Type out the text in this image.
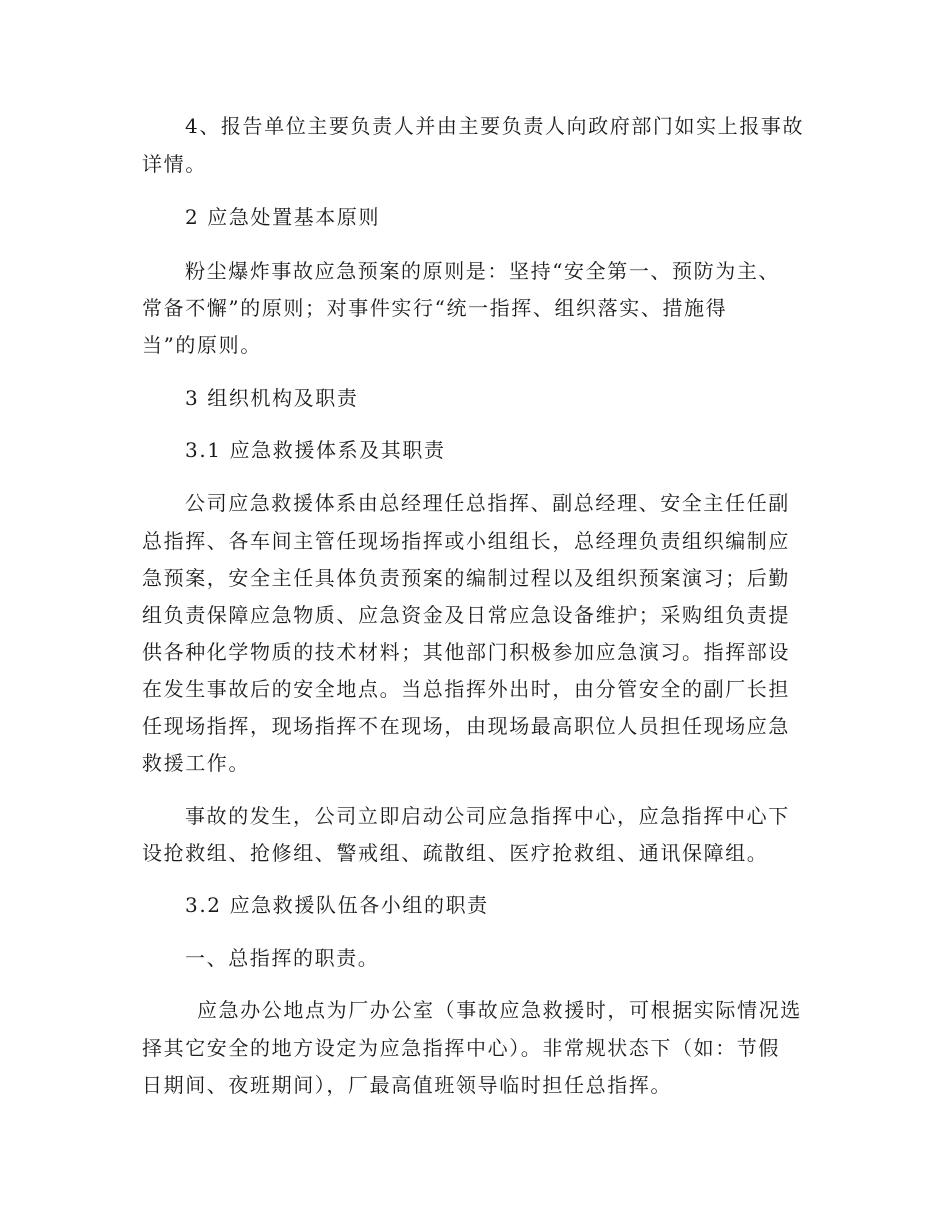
4、报告单位主要负责人并由主要负责人向政府部门如实上报事故
详情。
2 应急处置基本原则
粉尘爆炸事故应急预案的原则是：坚持“安全第一、预防为主、
常备不懈”的原则；对事件实行“统一指挥、组织落实、措施得
当”的原则。
3 组织机构及职责
3.1 应急救援体系及其职责
公司应急救援体系由总经理任总指挥、副总经理、安全主任任副
总指挥、各车间主管任现场指挥或小组组长，总经理负责组织编制应
急预案，安全主任具体负责预案的编制过程以及组织预案演习；后勤
组负责保障应急物质、应急资金及日常应急设备维护；采购组负责提
供各种化学物质的技术材料；其他部门积极参加应急演习。指挥部设
在发生事故后的安全地点。当总指挥外出时，由分管安全的副厂长担
任现场指挥，现场指挥不在现场，由现场最高职位人员担任现场应急
救援工作。
事故的发生，公司立即启动公司应急指挥中心，应急指挥中心下
设抢救组、抢修组、警戒组、疏散组、医疗抢救组、通讯保障组。
3.2 应急救援队伍各小组的职责
一、总指挥的职责。
应急办公地点为厂办公室（事故应急救援时，可根据实际情况选
择其它安全的地方设定为应急指挥中心）。非常规状态下（如：节假
日期间、夜班期间），厂最高值班领导临时担任总指挥。
